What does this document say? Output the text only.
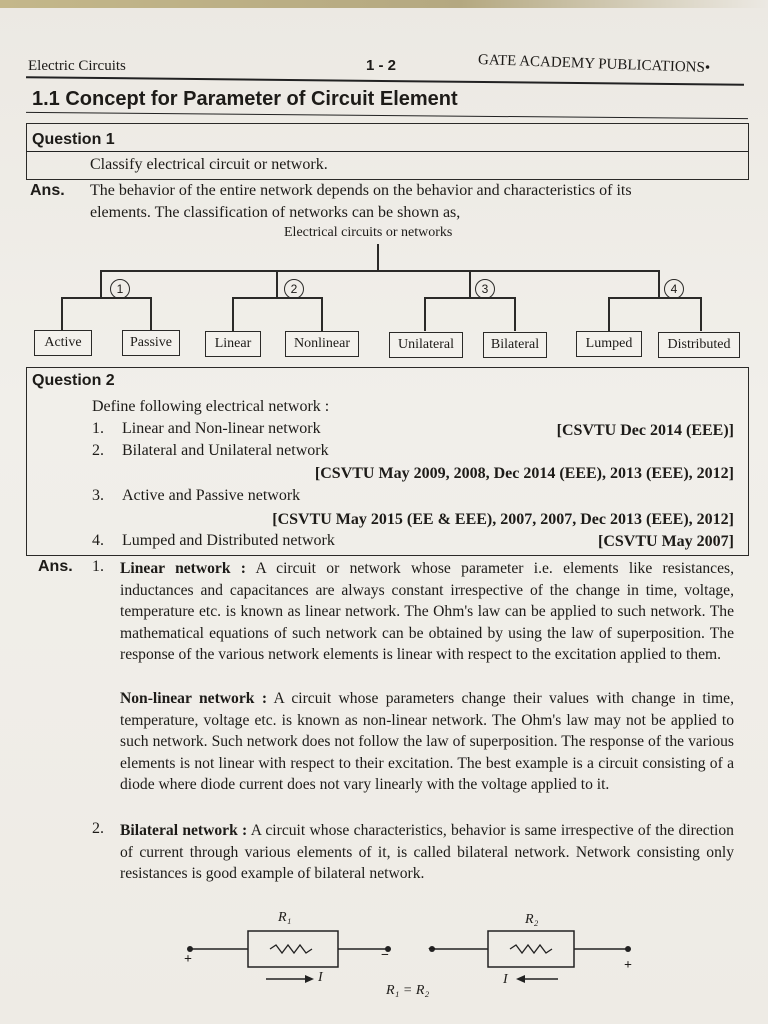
Electric Circuits	1 - 2	GATE ACADEMY PUBLICATIONS•
1.1 Concept for Parameter of Circuit Element
Question 1
Classify electrical circuit or network.
Ans. The behavior of the entire network depends on the behavior and characteristics of its
elements. The classification of networks can be shown as,
Electrical circuits or networks
1	2	3	4
Active	Passive	Linear	Nonlinear	Unilateral	Bilateral	Lumped	Distributed
Question 2
Define following electrical network :
1. Linear and Non-linear network	[CSVTU Dec 2014 (EEE)]
2. Bilateral and Unilateral network
[CSVTU May 2009, 2008, Dec 2014 (EEE), 2013 (EEE), 2012]
3. Active and Passive network
[CSVTU May 2015 (EE & EEE), 2007, 2007, Dec 2013 (EEE), 2012]
4. Lumped and Distributed network	[CSVTU May 2007]
Ans. 1. Linear network : A circuit or network whose parameter i.e. elements like resistances, inductances and capacitances are always constant irrespective of the change in time, voltage, temperature etc. is known as linear network. The Ohm's law can be applied to such network. The mathematical equations of such network can be obtained by using the law of superposition. The response of the various network elements is linear with respect to the excitation applied to them.
Non-linear network : A circuit whose parameters change their values with change in time, temperature, voltage etc. is known as non-linear network. The Ohm's law may not be applied to such network. Such network does not follow the law of superposition. The response of the various elements is not linear with respect to their excitation. The best example is a circuit consisting of a diode where diode current does not vary linearly with the voltage applied to it.
2. Bilateral network : A circuit whose characteristics, behavior is same irrespective of the direction of current through various elements of it, is called bilateral network. Network consisting only resistances is good example of bilateral network.
R₁	R₂
+	−	−
+
I	I
R₁ = R₂
